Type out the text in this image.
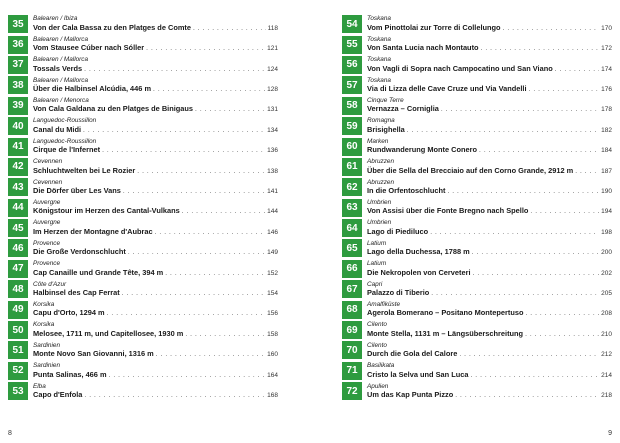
35	Balearen / Ibiza
Von der Cala Bassa zu den Platges de Comte . . .	118
36	Balearen / Mallorca
Vom Stausee Cúber nach Sóller . . .	121
37	Balearen / Mallorca
Tossals Verds . . .	124
38	Balearen / Mallorca
Über die Halbinsel Alcúdia, 446 m . . .	128
39	Balearen / Menorca
Von Cala Galdana zu den Platges de Binigaus . . .	131
40	Languedoc-Roussillon
Canal du Midi . . .	134
41	Languedoc-Roussillon
Cirque de l'Infernet . . .	136
42	Cevennen
Schluchtwelten bei Le Rozier . . .	138
43	Cevennen
Die Dörfer über Les Vans . . .	141
44	Auvergne
Königstour im Herzen des Cantal-Vulkans . . .	144
45	Auvergne
Im Herzen der Montagne d'Aubrac . . .	146
46	Provence
Die Große Verdonschlucht . . .	149
47	Provence
Cap Canaille und Grande Tête, 394 m . . .	152
48	Côte d'Azur
Halbinsel des Cap Ferrat . . .	154
49	Korsika
Capu d'Orto, 1294 m . . .	156
50	Korsika
Melosee, 1711 m, und Capitellosee, 1930 m . . .	158
51	Sardinien
Monte Novo San Giovanni, 1316 m . . .	160
52	Sardinien
Punta Salinas, 466 m . . .	164
53	Elba
Capo d'Enfola . . .	168
54	Toskana
Vom Pinottolai zur Torre di Collelungo . . .	170
55	Toskana
Von Santa Lucia nach Montauto . . .	172
56	Toskana
Von Vagli di Sopra nach Campocatino und San Viano . . .	174
57	Toskana
Via di Lizza delle Cave Cruze und Via Vandelli . . .	176
58	Cinque Terre
Vernazza – Corniglia . . .	178
59	Romagna
Brisighella . . .	182
60	Marken
Rundwanderung Monte Conero . . .	184
61	Abruzzen
Über die Sella del Brecciaio auf den Corno Grande, 2912 m . . .	187
62	Abruzzen
In die Orfentoschlucht . . .	190
63	Umbrien
Von Assisi über die Fonte Bregno nach Spello . . .	194
64	Umbrien
Lago di Piediluco . . .	198
65	Latium
Lago della Duchessa, 1788 m . . .	200
66	Latium
Die Nekropolen von Cerveteri . . .	202
67	Capri
Palazzo di Tiberio . . .	205
68	Amalfiküste
Agerola Bomerano – Positano Montepertuso . . .	208
69	Cilento
Monte Stella, 1131 m – Längsüberschreitung . . .	210
70	Cilento
Durch die Gola del Calore . . .	212
71	Basilikata
Cristo la Selva und San Luca . . .	214
72	Apulien
Um das Kap Punta Pizzo . . .	218
8	9
